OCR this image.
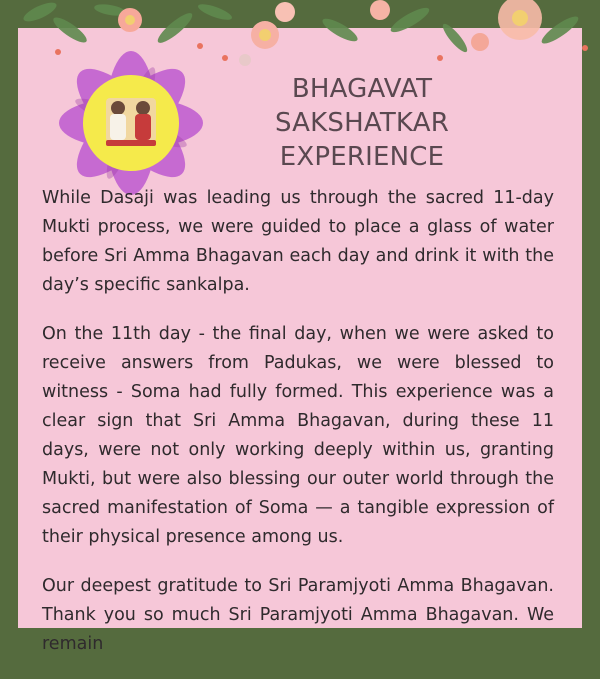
BHAGAVAT SAKSHATKAR
EXPERIENCE

While Dasaji was leading us through the sacred 11-day Mukti process, we were guided to place a glass of water before Sri Amma Bhagavan each day and drink it with the day’s specific sankalpa.

On the 11th day - the final day, when we were asked to receive answers from Padukas, we were blessed to witness - Soma had fully formed. This experience was a clear sign that Sri Amma Bhagavan, during these 11 days, were not only working deeply within us, granting Mukti, but were also blessing our outer world through the sacred manifestation of Soma — a tangible expression of their physical presence among us.

Our deepest gratitude to Sri Paramjyoti Amma Bhagavan. Thank you so much Sri Paramjyoti Amma Bhagavan. We remain
